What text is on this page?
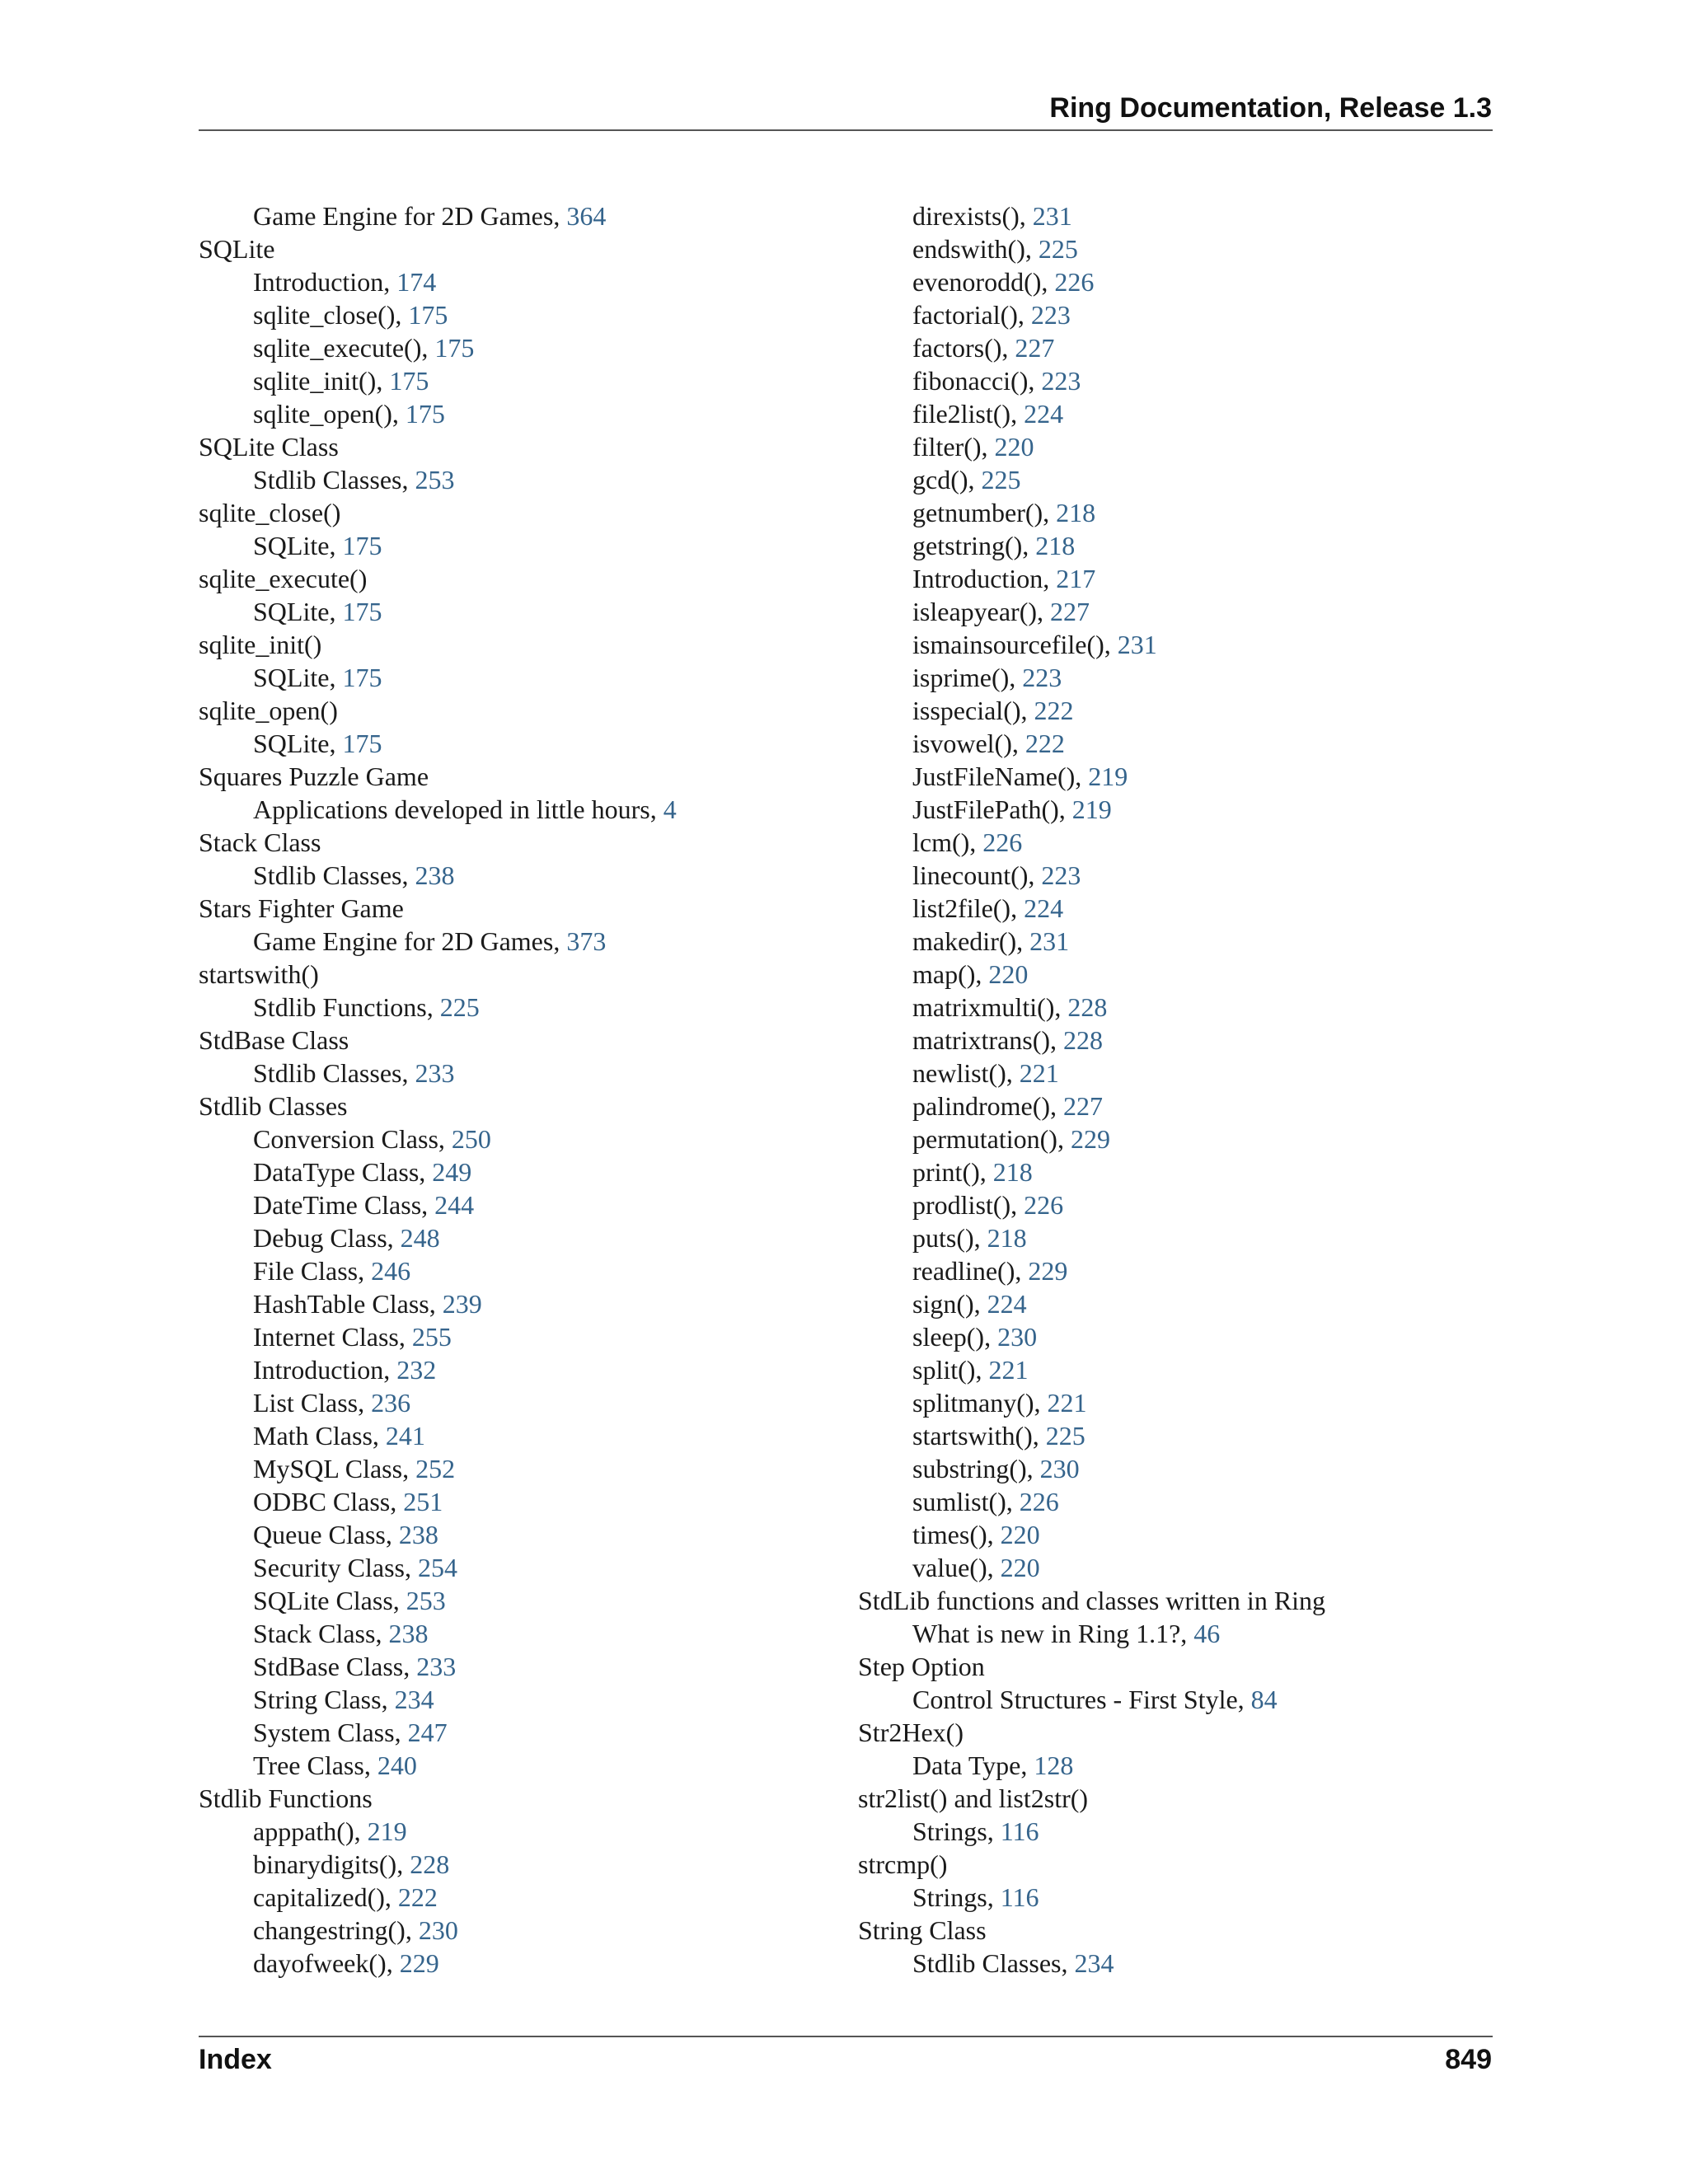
Ring Documentation, Release 1.3
Game Engine for 2D Games, 364
SQLite
Introduction, 174
sqlite_close(), 175
sqlite_execute(), 175
sqlite_init(), 175
sqlite_open(), 175
SQLite Class
Stdlib Classes, 253
sqlite_close()
SQLite, 175
sqlite_execute()
SQLite, 175
sqlite_init()
SQLite, 175
sqlite_open()
SQLite, 175
Squares Puzzle Game
Applications developed in little hours, 4
Stack Class
Stdlib Classes, 238
Stars Fighter Game
Game Engine for 2D Games, 373
startswith()
Stdlib Functions, 225
StdBase Class
Stdlib Classes, 233
Stdlib Classes
Conversion Class, 250
DataType Class, 249
DateTime Class, 244
Debug Class, 248
File Class, 246
HashTable Class, 239
Internet Class, 255
Introduction, 232
List Class, 236
Math Class, 241
MySQL Class, 252
ODBC Class, 251
Queue Class, 238
Security Class, 254
SQLite Class, 253
Stack Class, 238
StdBase Class, 233
String Class, 234
System Class, 247
Tree Class, 240
Stdlib Functions
apppath(), 219
binarydigits(), 228
capitalized(), 222
changestring(), 230
dayofweek(), 229
direxists(), 231
endswith(), 225
evenorodd(), 226
factorial(), 223
factors(), 227
fibonacci(), 223
file2list(), 224
filter(), 220
gcd(), 225
getnumber(), 218
getstring(), 218
Introduction, 217
isleapyear(), 227
ismainsourcefile(), 231
isprime(), 223
isspecial(), 222
isvowel(), 222
JustFileName(), 219
JustFilePath(), 219
lcm(), 226
linecount(), 223
list2file(), 224
makedir(), 231
map(), 220
matrixmulti(), 228
matrixtrans(), 228
newlist(), 221
palindrome(), 227
permutation(), 229
print(), 218
prodlist(), 226
puts(), 218
readline(), 229
sign(), 224
sleep(), 230
split(), 221
splitmany(), 221
startswith(), 225
substring(), 230
sumlist(), 226
times(), 220
value(), 220
StdLib functions and classes written in Ring
What is new in Ring 1.1?, 46
Step Option
Control Structures - First Style, 84
Str2Hex()
Data Type, 128
str2list() and list2str()
Strings, 116
strcmp()
Strings, 116
String Class
Stdlib Classes, 234
Index	849
